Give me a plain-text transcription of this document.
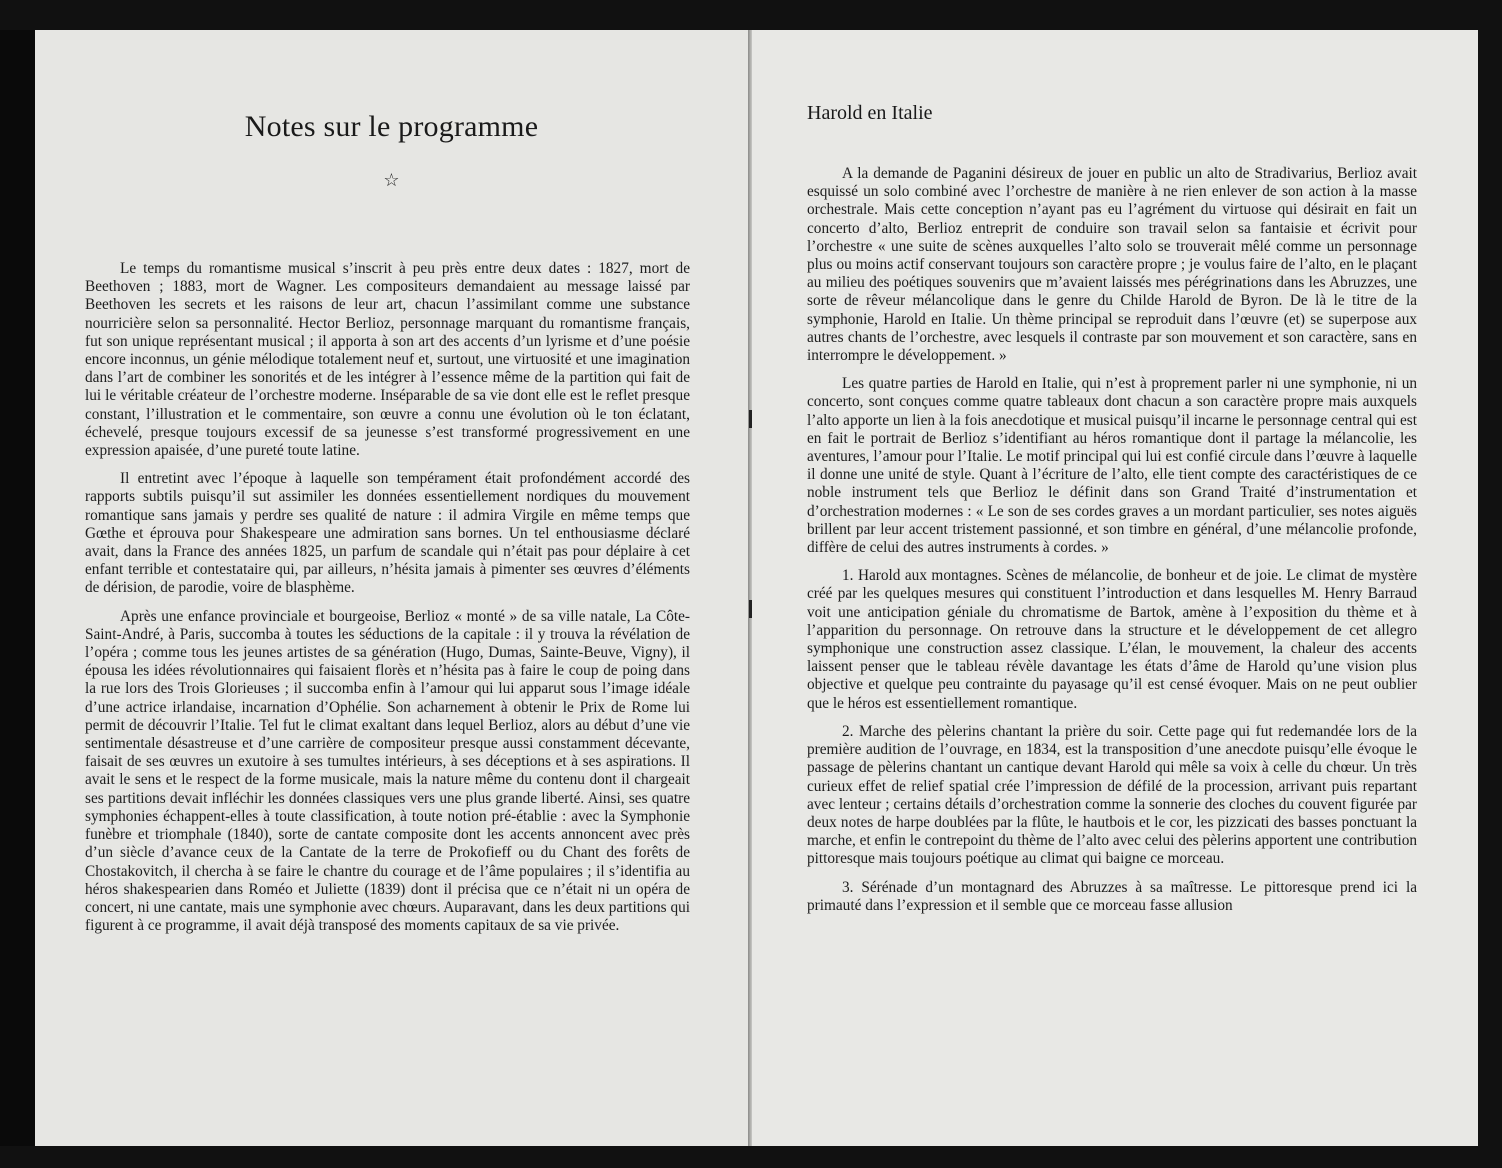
Notes sur le programme
☆

Le temps du romantisme musical s’inscrit à peu près entre deux dates : 1827, mort de Beethoven ; 1883, mort de Wagner. Les compositeurs demandaient au message laissé par Beethoven les secrets et les raisons de leur art, chacun l’assimilant comme une substance nourricière selon sa personnalité. Hector Berlioz, personnage marquant du romantisme français, fut son unique représentant musical ; il apporta à son art des accents d’un lyrisme et d’une poésie encore inconnus, un génie mélodique totalement neuf et, surtout, une virtuosité et une imagination dans l’art de combiner les sonorités et de les intégrer à l’essence même de la partition qui fait de lui le véritable créateur de l’orchestre moderne. Inséparable de sa vie dont elle est le reflet presque constant, l’illustration et le commentaire, son œuvre a connu une évolution où le ton éclatant, échevelé, presque toujours excessif de sa jeunesse s’est transformé progressivement en une expression apaisée, d’une pureté toute latine.

Il entretint avec l’époque à laquelle son tempérament était profondément accordé des rapports subtils puisqu’il sut assimiler les données essentiellement nordiques du mouvement romantique sans jamais y perdre ses qualité de nature : il admira Virgile en même temps que Gœthe et éprouva pour Shakespeare une admiration sans bornes. Un tel enthousiasme déclaré avait, dans la France des années 1825, un parfum de scandale qui n’était pas pour déplaire à cet enfant terrible et contestataire qui, par ailleurs, n’hésita jamais à pimenter ses œuvres d’éléments de dérision, de parodie, voire de blasphème.

Après une enfance provinciale et bourgeoise, Berlioz « monté » de sa ville natale, La Côte-Saint-André, à Paris, succomba à toutes les séductions de la capitale : il y trouva la révélation de l’opéra ; comme tous les jeunes artistes de sa génération (Hugo, Dumas, Sainte-Beuve, Vigny), il épousa les idées révolutionnaires qui faisaient florès et n’hésita pas à faire le coup de poing dans la rue lors des Trois Glorieuses ; il succomba enfin à l’amour qui lui apparut sous l’image idéale d’une actrice irlandaise, incarnation d’Ophélie. Son acharnement à obtenir le Prix de Rome lui permit de découvrir l’Italie. Tel fut le climat exaltant dans lequel Berlioz, alors au début d’une vie sentimentale désastreuse et d’une carrière de compositeur presque aussi constamment décevante, faisait de ses œuvres un exutoire à ses tumultes intérieurs, à ses déceptions et à ses aspirations. Il avait le sens et le respect de la forme musicale, mais la nature même du contenu dont il chargeait ses partitions devait infléchir les données classiques vers une plus grande liberté. Ainsi, ses quatre symphonies échappent-elles à toute classification, à toute notion pré-établie : avec la Symphonie funèbre et triomphale (1840), sorte de cantate composite dont les accents annoncent avec près d’un siècle d’avance ceux de la Cantate de la terre de Prokofieff ou du Chant des forêts de Chostakovitch, il chercha à se faire le chantre du courage et de l’âme populaires ; il s’identifia au héros shakespearien dans Roméo et Juliette (1839) dont il précisa que ce n’était ni un opéra de concert, ni une cantate, mais une symphonie avec chœurs. Auparavant, dans les deux partitions qui figurent à ce programme, il avait déjà transposé des moments capitaux de sa vie privée.

Harold en Italie

A la demande de Paganini désireux de jouer en public un alto de Stradivarius, Berlioz avait esquissé un solo combiné avec l’orchestre de manière à ne rien enlever de son action à la masse orchestrale. Mais cette conception n’ayant pas eu l’agrément du virtuose qui désirait en fait un concerto d’alto, Berlioz entreprit de conduire son travail selon sa fantaisie et écrivit pour l’orchestre « une suite de scènes auxquelles l’alto solo se trouverait mêlé comme un personnage plus ou moins actif conservant toujours son caractère propre ; je voulus faire de l’alto, en le plaçant au milieu des poétiques souvenirs que m’avaient laissés mes pérégrinations dans les Abruzzes, une sorte de rêveur mélancolique dans le genre du Childe Harold de Byron. De là le titre de la symphonie, Harold en Italie. Un thème principal se reproduit dans l’œuvre (et) se superpose aux autres chants de l’orchestre, avec lesquels il contraste par son mouvement et son caractère, sans en interrompre le développement. »

Les quatre parties de Harold en Italie, qui n’est à proprement parler ni une symphonie, ni un concerto, sont conçues comme quatre tableaux dont chacun a son caractère propre mais auxquels l’alto apporte un lien à la fois anecdotique et musical puisqu’il incarne le personnage central qui est en fait le portrait de Berlioz s’identifiant au héros romantique dont il partage la mélancolie, les aventures, l’amour pour l’Italie. Le motif principal qui lui est confié circule dans l’œuvre à laquelle il donne une unité de style. Quant à l’écriture de l’alto, elle tient compte des caractéristiques de ce noble instrument tels que Berlioz le définit dans son Grand Traité d’instrumentation et d’orchestration modernes : « Le son de ses cordes graves a un mordant particulier, ses notes aiguës brillent par leur accent tristement passionné, et son timbre en général, d’une mélancolie profonde, diffère de celui des autres instruments à cordes. »

1. Harold aux montagnes. Scènes de mélancolie, de bonheur et de joie. Le climat de mystère créé par les quelques mesures qui constituent l’introduction et dans lesquelles M. Henry Barraud voit une anticipation géniale du chromatisme de Bartok, amène à l’exposition du thème et à l’apparition du personnage. On retrouve dans la structure et le développement de cet allegro symphonique une construction assez classique. L’élan, le mouvement, la chaleur des accents laissent penser que le tableau révèle davantage les états d’âme de Harold qu’une vision plus objective et quelque peu contrainte du payasage qu’il est censé évoquer. Mais on ne peut oublier que le héros est essentiellement romantique.

2. Marche des pèlerins chantant la prière du soir. Cette page qui fut redemandée lors de la première audition de l’ouvrage, en 1834, est la transposition d’une anecdote puisqu’elle évoque le passage de pèlerins chantant un cantique devant Harold qui mêle sa voix à celle du chœur. Un très curieux effet de relief spatial crée l’impression de défilé de la procession, arrivant puis repartant avec lenteur ; certains détails d’orchestration comme la sonnerie des cloches du couvent figurée par deux notes de harpe doublées par la flûte, le hautbois et le cor, les pizzicati des basses ponctuant la marche, et enfin le contrepoint du thème de l’alto avec celui des pèlerins apportent une contribution pittoresque mais toujours poétique au climat qui baigne ce morceau.

3. Sérénade d’un montagnard des Abruzzes à sa maîtresse. Le pittoresque prend ici la primauté dans l’expression et il semble que ce morceau fasse allusion
